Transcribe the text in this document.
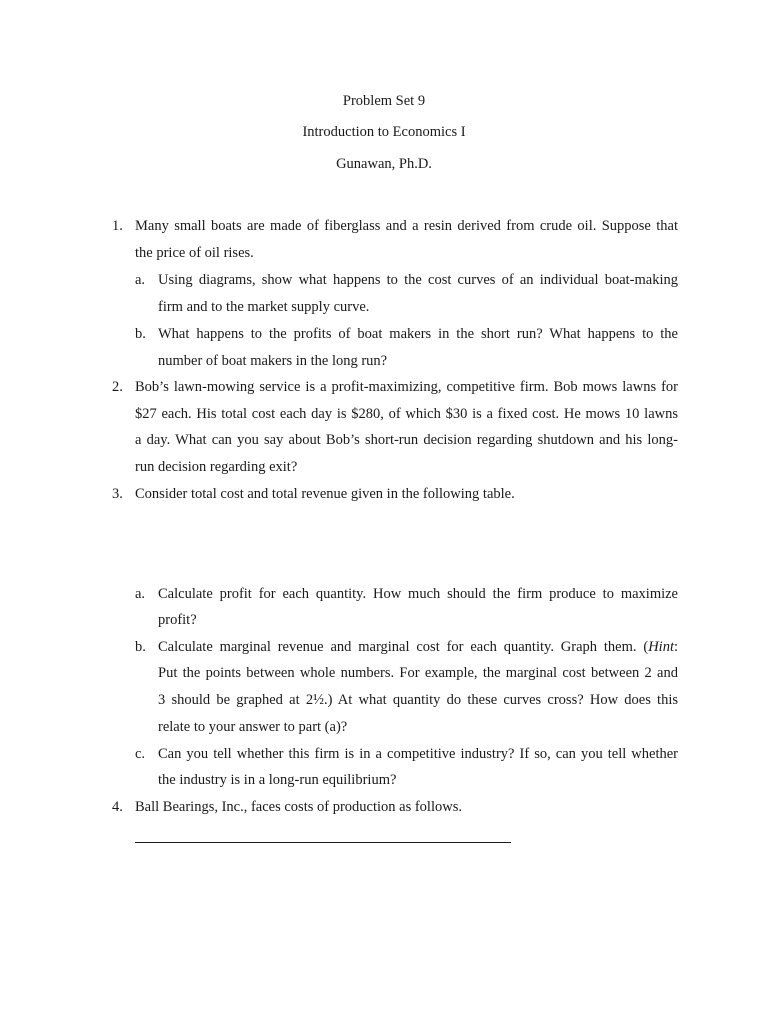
Problem Set 9
Introduction to Economics I
Gunawan, Ph.D.
1. Many small boats are made of fiberglass and a resin derived from crude oil. Suppose that
the price of oil rises.
a. Using diagrams, show what happens to the cost curves of an individual boat-making
firm and to the market supply curve.
b. What happens to the profits of boat makers in the short run? What happens to the
number of boat makers in the long run?
2. Bob’s lawn-mowing service is a profit-maximizing, competitive firm. Bob mows lawns for
$27 each. His total cost each day is $280, of which $30 is a fixed cost. He mows 10 lawns
a day. What can you say about Bob’s short-run decision regarding shutdown and his long-
run decision regarding exit?
3. Consider total cost and total revenue given in the following table.
a. Calculate profit for each quantity. How much should the firm produce to maximize
profit?
b. Calculate marginal revenue and marginal cost for each quantity. Graph them. ( Hint:
Put the points between whole numbers. For example, the marginal cost between 2 and
3 should be graphed at 2½.) At what quantity do these curves cross? How does this
relate to your answer to part (a)?
c. Can you tell whether this firm is in a competitive industry? If so, can you tell whether
the industry is in a long-run equilibrium?
4. Ball Bearings, Inc., faces costs of production as follows.
